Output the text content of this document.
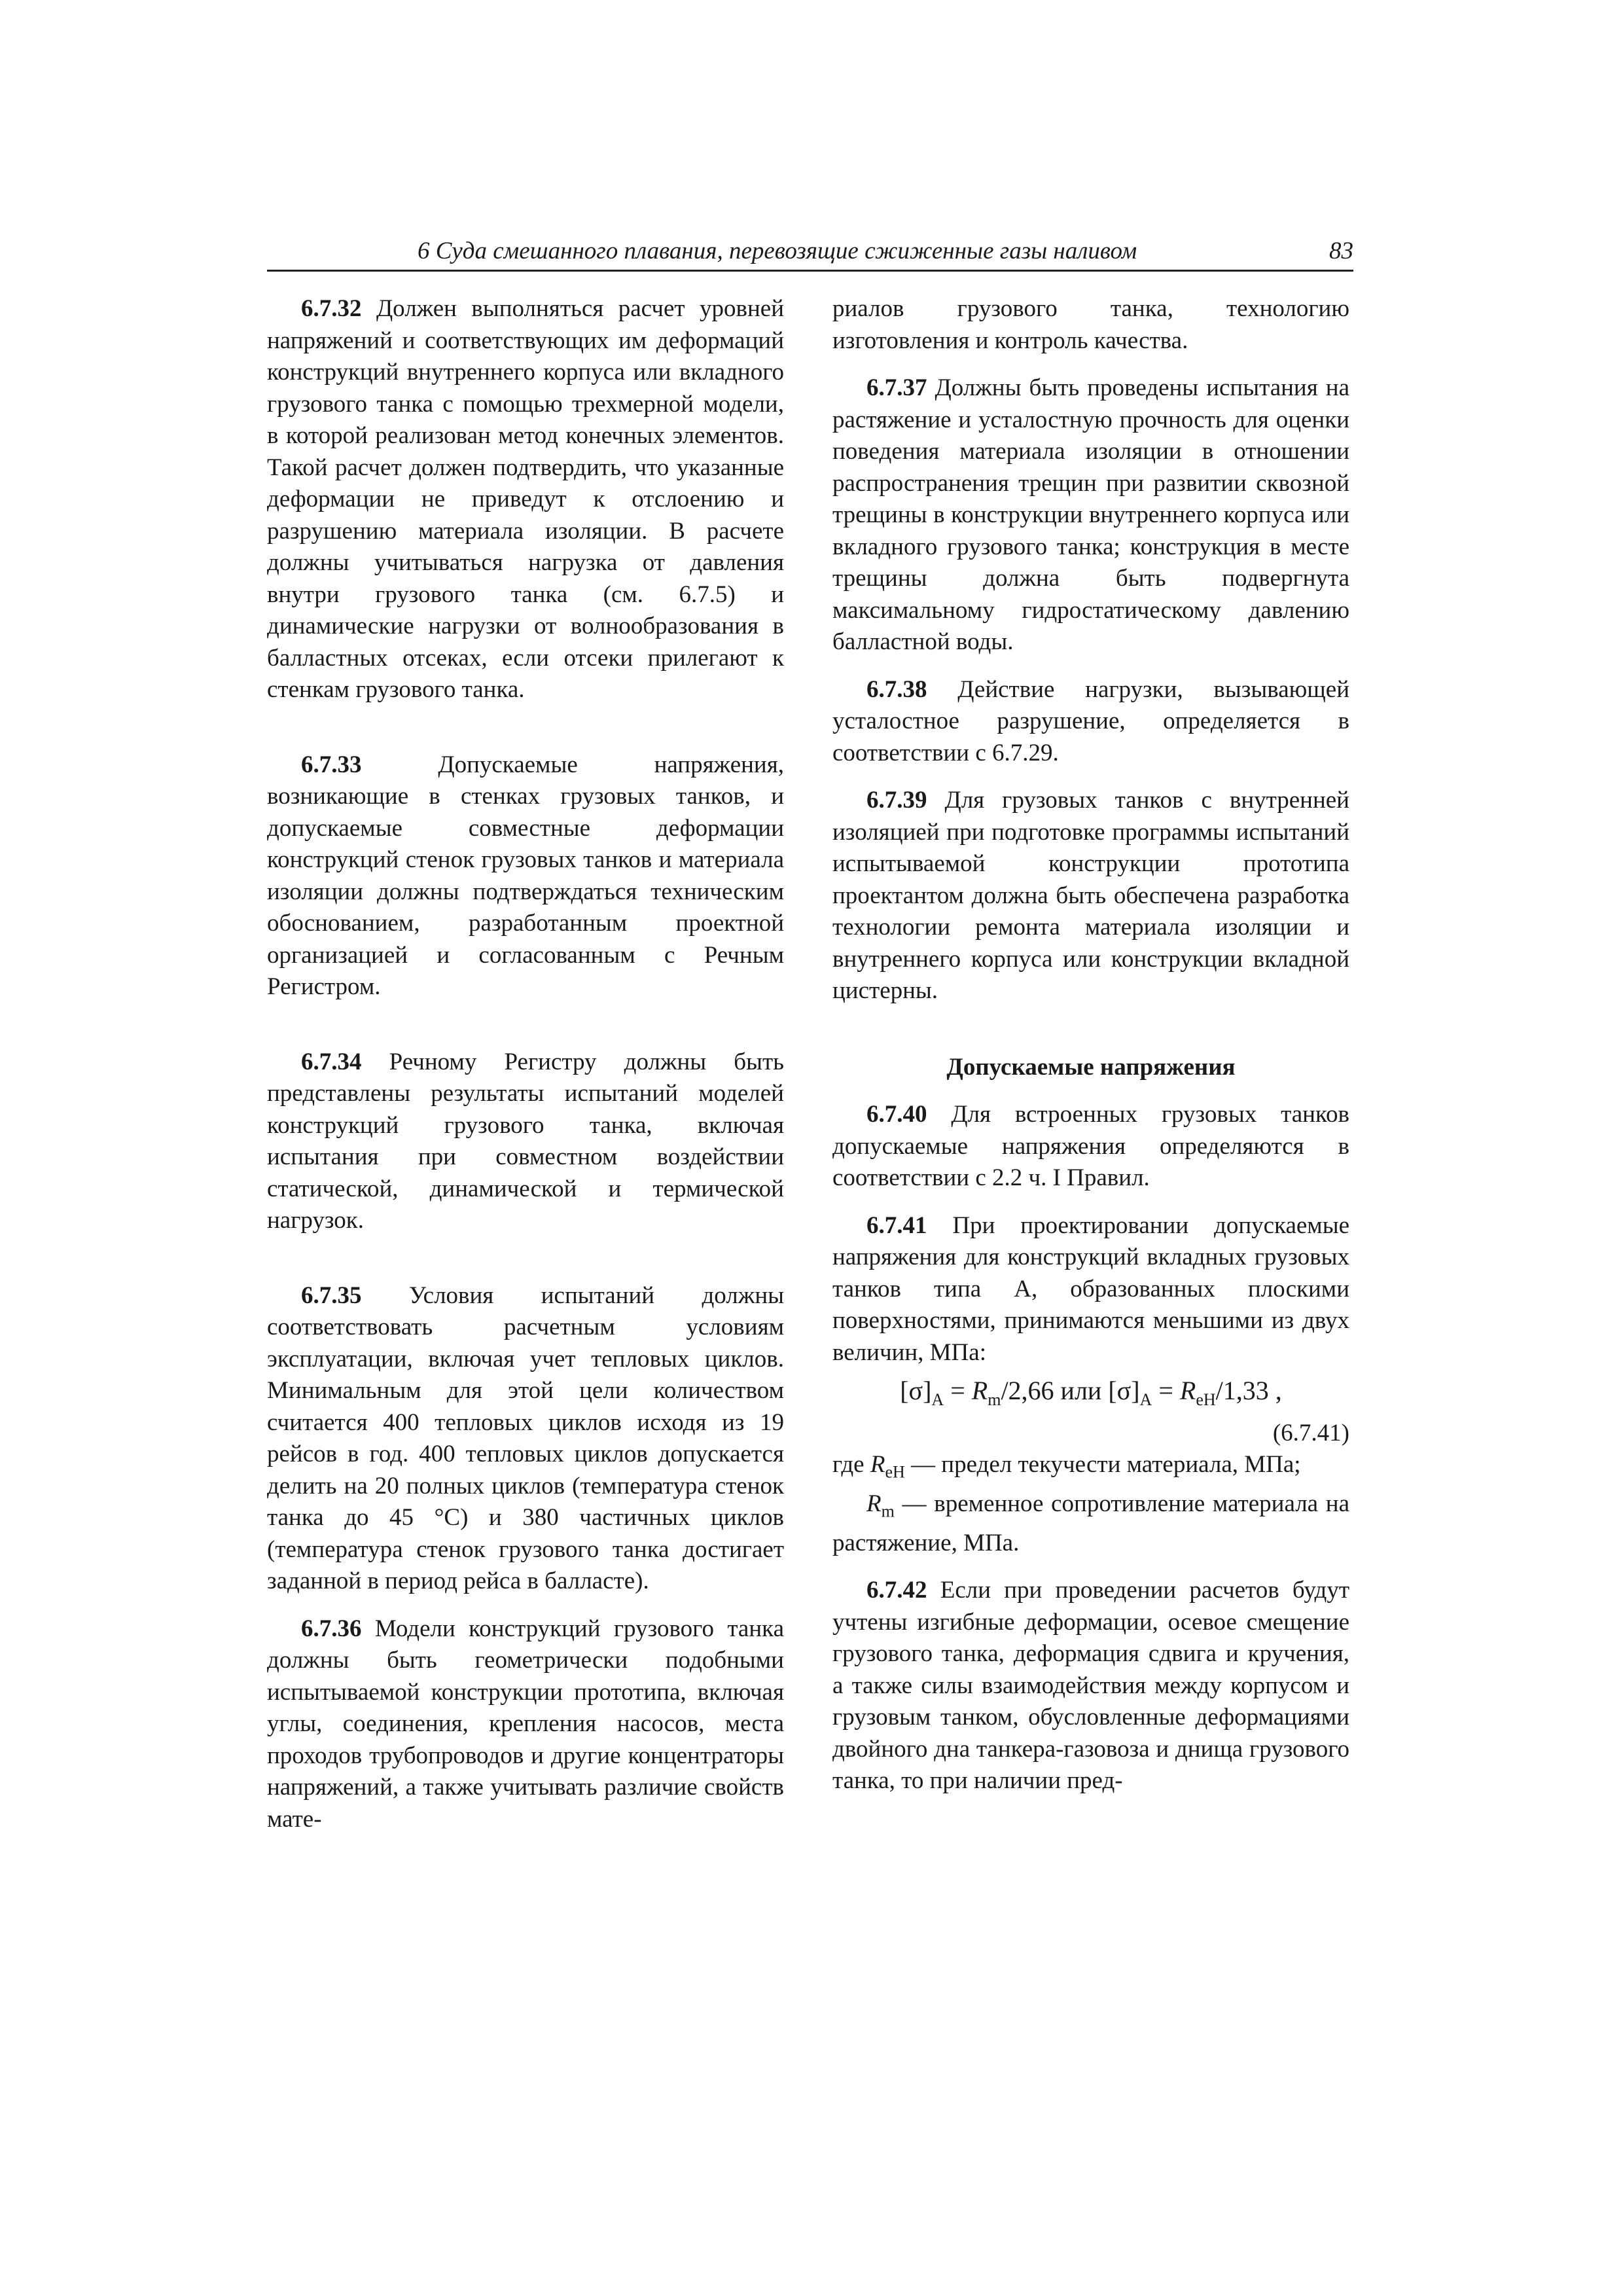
6 Суда смешанного плавания, перевозящие сжиженные газы наливом	83

6.7.32 Должен выполняться расчет уровней напряжений и соответствующих им деформаций конструкций внутреннего корпуса или вкладного грузового танка с помощью трехмерной модели, в которой реализован метод конечных элементов. Такой расчет должен подтвердить, что указанные деформации не приведут к отслоению и разрушению материала изоляции. В расчете должны учитываться нагрузка от давления внутри грузового танка (см. 6.7.5) и динамические нагрузки от волнообразования в балластных отсеках, если отсеки прилегают к стенкам грузового танка.

6.7.33 Допускаемые напряжения, возникающие в стенках грузовых танков, и допускаемые совместные деформации конструкций стенок грузовых танков и материала изоляции должны подтверждаться техническим обоснованием, разработанным проектной организацией и согласованным с Речным Регистром.

6.7.34 Речному Регистру должны быть представлены результаты испытаний моделей конструкций грузового танка, включая испытания при совместном воздействии статической, динамической и термической нагрузок.

6.7.35 Условия испытаний должны соответствовать расчетным условиям эксплуатации, включая учет тепловых циклов. Минимальным для этой цели количеством считается 400 тепловых циклов исходя из 19 рейсов в год. 400 тепловых циклов допускается делить на 20 полных циклов (температура стенок танка до 45 °С) и 380 частичных циклов (температура стенок грузового танка достигает заданной в период рейса в балласте).

6.7.36 Модели конструкций грузового танка должны быть геометрически подобными испытываемой конструкции прототипа, включая углы, соединения, крепления насосов, места проходов трубопроводов и другие концентраторы напряжений, а также учитывать различие свойств мате-

риалов грузового танка, технологию изготовления и контроль качества.

6.7.37 Должны быть проведены испытания на растяжение и усталостную прочность для оценки поведения материала изоляции в отношении распространения трещин при развитии сквозной трещины в конструкции внутреннего корпуса или вкладного грузового танка; конструкция в месте трещины должна быть подвергнута максимальному гидростатическому давлению балластной воды.

6.7.38 Действие нагрузки, вызывающей усталостное разрушение, определяется в соответствии с 6.7.29.

6.7.39 Для грузовых танков с внутренней изоляцией при подготовке программы испытаний испытываемой конструкции прототипа проектантом должна быть обеспечена разработка технологии ремонта материала изоляции и внутреннего корпуса или конструкции вкладной цистерны.

Допускаемые напряжения

6.7.40 Для встроенных грузовых танков допускаемые напряжения определяются в соответствии с 2.2 ч. I Правил.

6.7.41 При проектировании допускаемые напряжения для конструкций вкладных грузовых танков типа А, образованных плоскими поверхностями, принимаются меньшими из двух величин, МПа:

$[\sigma]_A = R_m/2,66$ или $[\sigma]_A = R_{eH}/1,33$ ,
(6.7.41)

где $R_{eH}$ — предел текучести материала, МПа;

$R_m$ — временное сопротивление материала на растяжение, МПа.

6.7.42 Если при проведении расчетов будут учтены изгибные деформации, осевое смещение грузового танка, деформация сдвига и кручения, а также силы взаимодействия между корпусом и грузовым танком, обусловленные деформациями двойного дна танкера-газовоза и днища грузового танка, то при наличии пред-
